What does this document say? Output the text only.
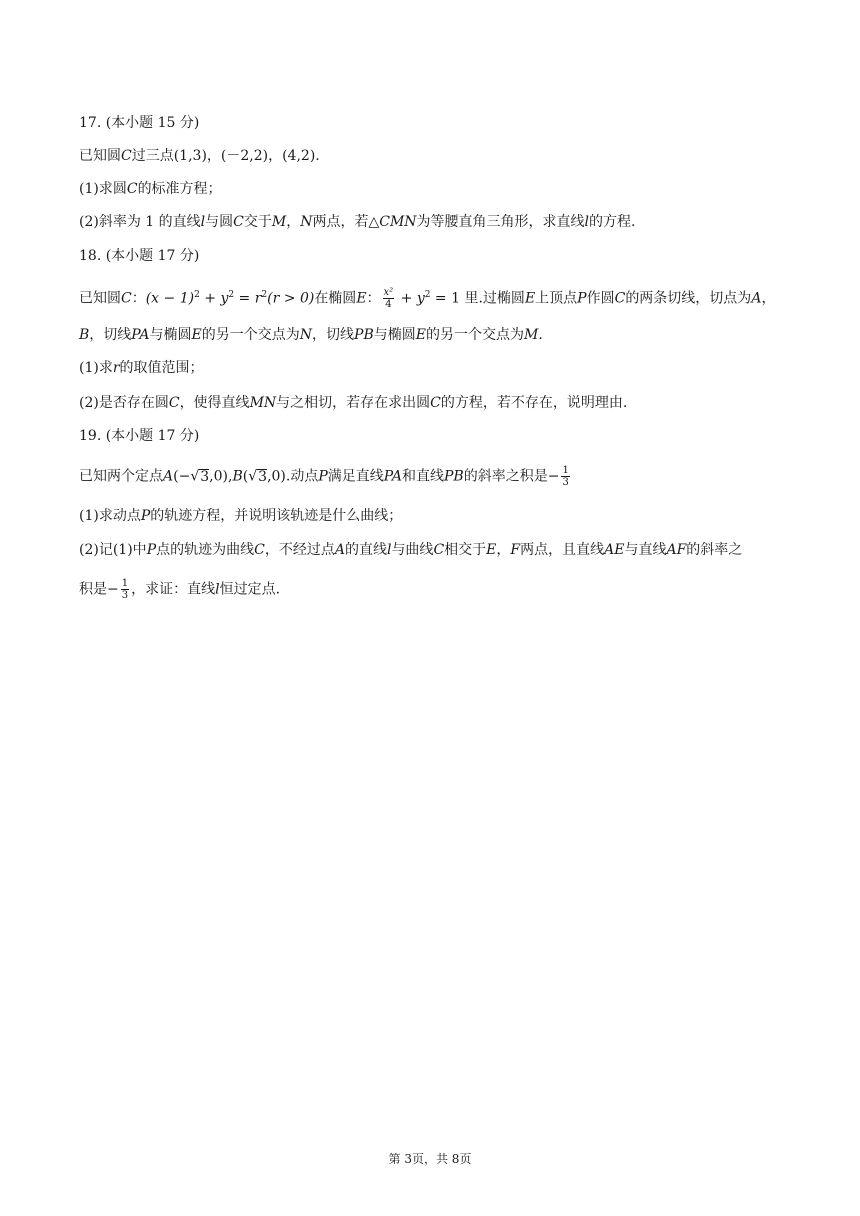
17. (本小题 15 分)
已知圆C过三点(1,3)，(－2,2)，(4,2).
(1)求圆C的标准方程；
(2)斜率为 1 的直线l与圆C交于M，N两点，若△CMN为等腰直角三角形，求直线l的方程.
18. (本小题 17 分)
已知圆C：$(x - 1)^2 + y^2 = r^2(r > 0)$在椭圆E： $\frac{\text{x²}}{4} + y^2 = 1$ 里.过椭圆E上顶点P作圆C的两条切线，切点为A，
B，切线PA与椭圆E的另一个交点为N，切线PB与椭圆E的另一个交点为M.
(1)求r的取值范围；
(2)是否存在圆C，使得直线MN与之相切，若存在求出圆C的方程，若不存在，说明理由.
19. (本小题 17 分)
已知两个定点A(−√3,0),B(√3,0).动点P满足直线PA和直线PB的斜率之积是− $\frac{1}{3}$
(1)求动点P的轨迹方程，并说明该轨迹是什么曲线；
(2)记(1)中P点的轨迹为曲线C，不经过点A的直线l与曲线C相交于E，F两点，且直线AE与直线AF的斜率之
积是− $\frac{1}{3}$ ，求证：直线l恒过定点.
第 3页，共 8页
